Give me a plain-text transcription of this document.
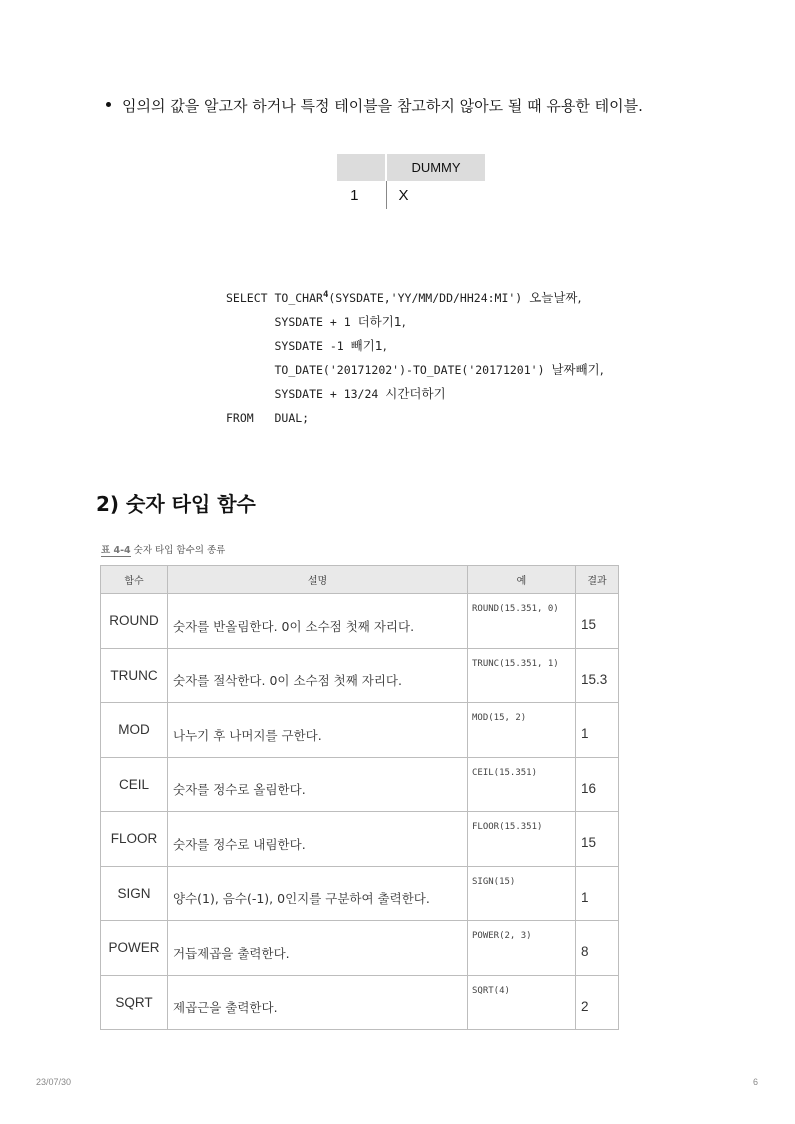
임의의 값을 알고자 하거나 특정 테이블을 참고하지 않아도 될 때 유용한 테이블.
	DUMMY
1	X
SELECT TO_CHAR$^4$(SYSDATE,'YY/MM/DD/HH24:MI') 오늘날짜,
SYSDATE + 1 더하기1,
SYSDATE -1 빼기1,
TO_DATE('20171202')-TO_DATE('20171201') 날짜빼기,
SYSDATE + 13/24 시간더하기
FROM DUAL;
2) 숫자 타입 함수
표 4-4 숫자 타입 함수의 종류
함수	설명	예	결과
ROUND	숫자를 반올림한다. 0이 소수점 첫째 자리다.	ROUND(15.351, 0)	15
TRUNC	숫자를 절삭한다. 0이 소수점 첫째 자리다.	TRUNC(15.351, 1)	15.3
MOD	나누기 후 나머지를 구한다.	MOD(15, 2)	1
CEIL	숫자를 정수로 올림한다.	CEIL(15.351)	16
FLOOR	숫자를 정수로 내림한다.	FLOOR(15.351)	15
SIGN	양수(1), 음수(-1), 0인지를 구분하여 출력한다.	SIGN(15)	1
POWER	거듭제곱을 출력한다.	POWER(2, 3)	8
SQRT	제곱근을 출력한다.	SQRT(4)	2
23/07/30	6
